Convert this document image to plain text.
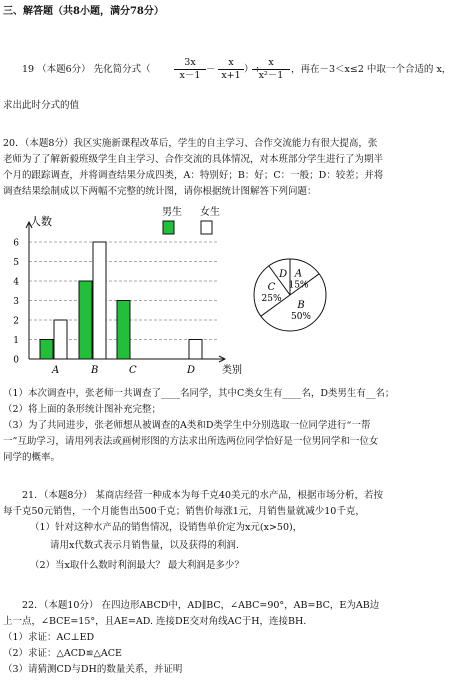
三、解答题（共8小题，满分78分）
19 （本题6分） 先化简分式（ $\frac{3x}{x-1} - \frac{x}{x+1}$ ）÷
$\frac{x}{\text{x²－1}}$ ，再在－3＜x≤2 中取一个合适的 x，
求出此时分式的值
20．（本题8分）我区实施新课程改革后，学生的自主学习、合作交流能力有很大提高，张
老师为了了解新毅班级学生自主学习、合作交流的具体情况，对本班部分学生进行了为期半
个月的跟踪调查，并将调查结果分成四类，A：特别好；B：好；C：一般；D：较差；并将
调查结果绘制成以下两幅不完整的统计图，请你根据统计图解答下列问题：
0
1
2
3
4
5
6
人数
类别
A	B	C	D
男生 女生
D A
15%
B
50%
C
25%
（1）本次调查中，张老师一共调查了____名同学，其中C类女生有____名，D类男生有__名；
（2）将上面的条形统计图补充完整；
（3）为了共同进步，张老师想从被调查的A类和D类学生中分别选取一位同学进行“一帮
一”互助学习，请用列表法或画树形图的方法求出所选两位同学恰好是一位男同学和一位女
同学的概率。
21．（本题8分） 某商店经营一种成本为每千克40美元的水产品，根据市场分析，若按
每千克50元销售，一个月能售出500千克；销售价每涨1元，月销售量就减少10千克，
（1）针对这种水产品的销售情况，设销售单价定为x元(x>50)，
请用x代数式表示月销售量，以及获得的利润.
（2）当x取什么数时利润最大？ 最大利润是多少？
22．（本题10分） 在四边形ABCD中，AD∥BC，∠ABC=90°，AB=BC，E为AB边
上一点，∠BCE=15°，且AE=AD. 连接DE交对角线AC于H，连接BH.
（1）求证：AC⊥ED
（2）求证：△ACD≌△ACE
（3）请猜测CD与DH的数量关系，并证明
